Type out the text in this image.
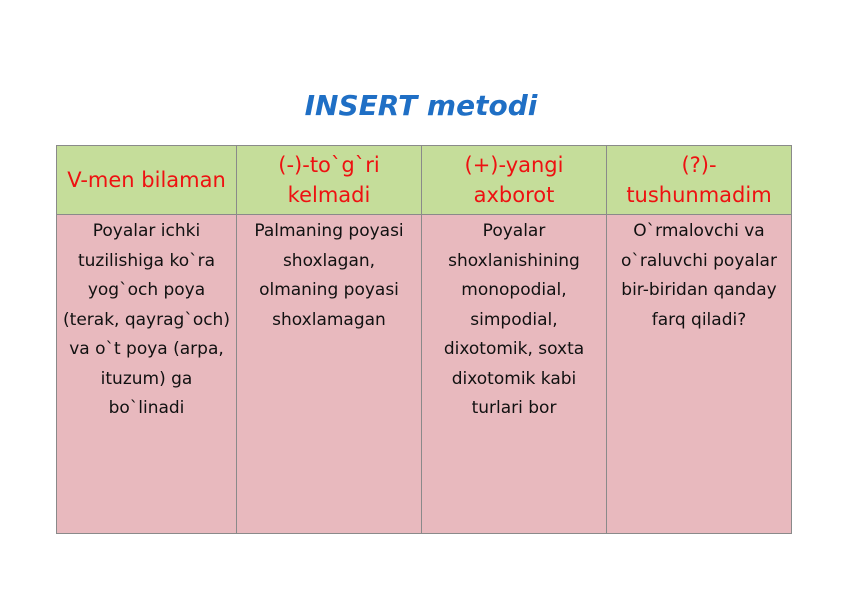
INSERT metodi
V-men bilaman	(-)-to`g`ri kelmadi	(+)-yangi axborot	(?)-tushunmadim
Poyalar ichki tuzilishiga ko`ra yog`och poya (terak, qayrag`och) va o`t poya (arpa, ituzum) ga bo`linadi	Palmaning poyasi shoxlagan, olmaning poyasi shoxlamagan	Poyalar shoxlanishining monopodial, simpodial, dixotomik, soxta dixotomik kabi turlari bor	O`rmalovchi va o`raluvchi poyalar bir-biridan qanday farq qiladi?
